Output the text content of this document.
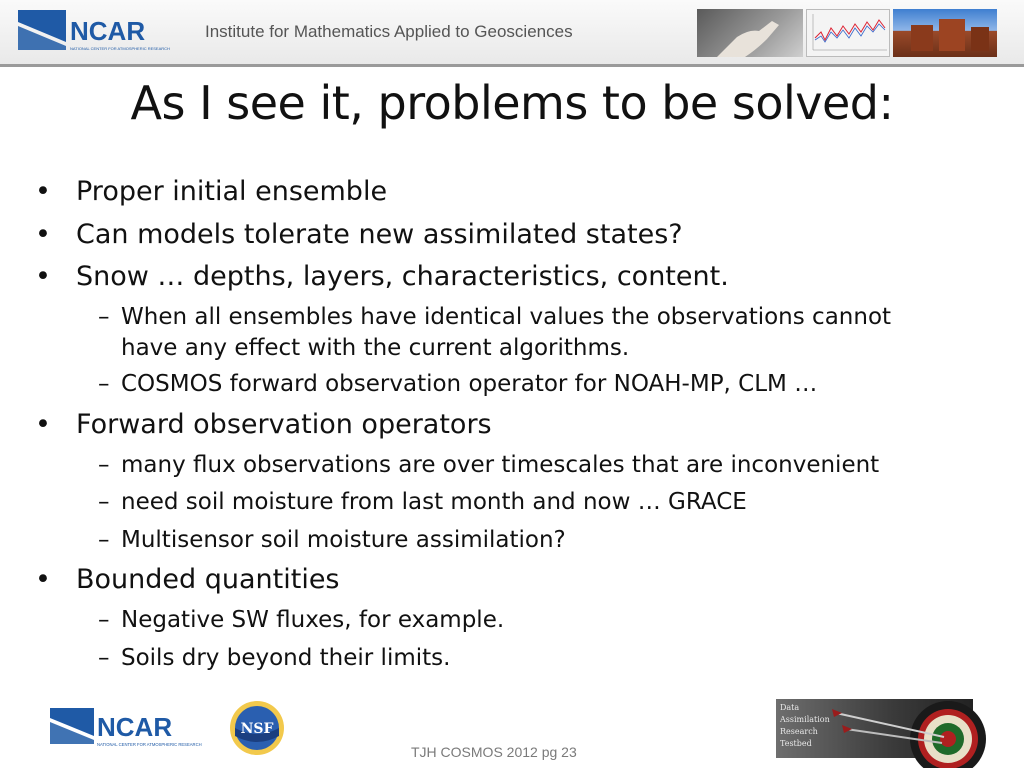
NCAR
NATIONAL CENTER FOR ATMOSPHERIC RESEARCH
Institute for Mathematics Applied to Geosciences
As I see it, problems to be solved:
• Proper initial ensemble
• Can models tolerate new assimilated states?
• Snow … depths, layers, characteristics, content.
– When all ensembles have identical values the observations cannot
have any effect with the current algorithms.
– COSMOS forward observation operator for NOAH-MP, CLM …
• Forward observation operators
– many flux observations are over timescales that are inconvenient
– need soil moisture from last month and now … GRACE
– Multisensor soil moisture assimilation?
• Bounded quantities
– Negative SW fluxes, for example.
– Soils dry beyond their limits.
NCAR
NATIONAL CENTER FOR ATMOSPHERIC RESEARCH
NSF
TJH COSMOS 2012 pg 23
Data
Assimilation
Research
Testbed
